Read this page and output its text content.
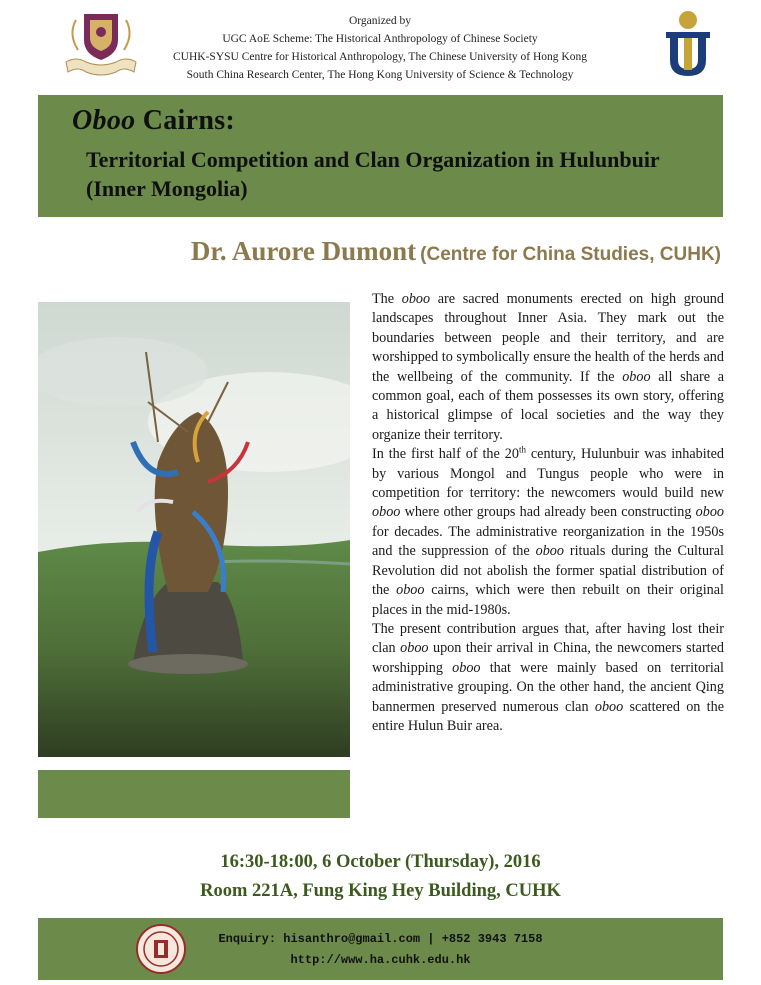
Organized by
UGC AoE Scheme: The Historical Anthropology of Chinese Society
CUHK-SYSU Centre for Historical Anthropology, The Chinese University of Hong Kong
South China Research Center, The Hong Kong University of Science & Technology
Oboo Cairns:
Territorial Competition and Clan Organization in Hulunbuir (Inner Mongolia)
Dr. Aurore Dumont (Centre for China Studies, CUHK)

The oboo are sacred monuments erected on high ground landscapes throughout Inner Asia. They mark out the boundaries between people and their territory, and are worshipped to symbolically ensure the health of the herds and the wellbeing of the community. If the oboo all share a common goal, each of them possesses its own story, offering a historical glimpse of local societies and the way they organize their territory.

In the first half of the 20th century, Hulunbuir was inhabited by various Mongol and Tungus people who were in competition for territory: the newcomers would build new oboo where other groups had already been constructing oboo for decades. The administrative reorganization in the 1950s and the suppression of the oboo rituals during the Cultural Revolution did not abolish the former spatial distribution of the oboo cairns, which were then rebuilt on their original places in the mid-1980s.

The present contribution argues that, after having lost their clan oboo upon their arrival in China, the newcomers started worshipping oboo that were mainly based on territorial administrative grouping. On the other hand, the ancient Qing bannermen preserved numerous clan oboo scattered on the entire Hulun Buir area.

16:30-18:00, 6 October (Thursday), 2016
Room 221A, Fung King Hey Building, CUHK
Enquiry: hisanthro@gmail.com | +852 3943 7158
http://www.ha.cuhk.edu.hk
